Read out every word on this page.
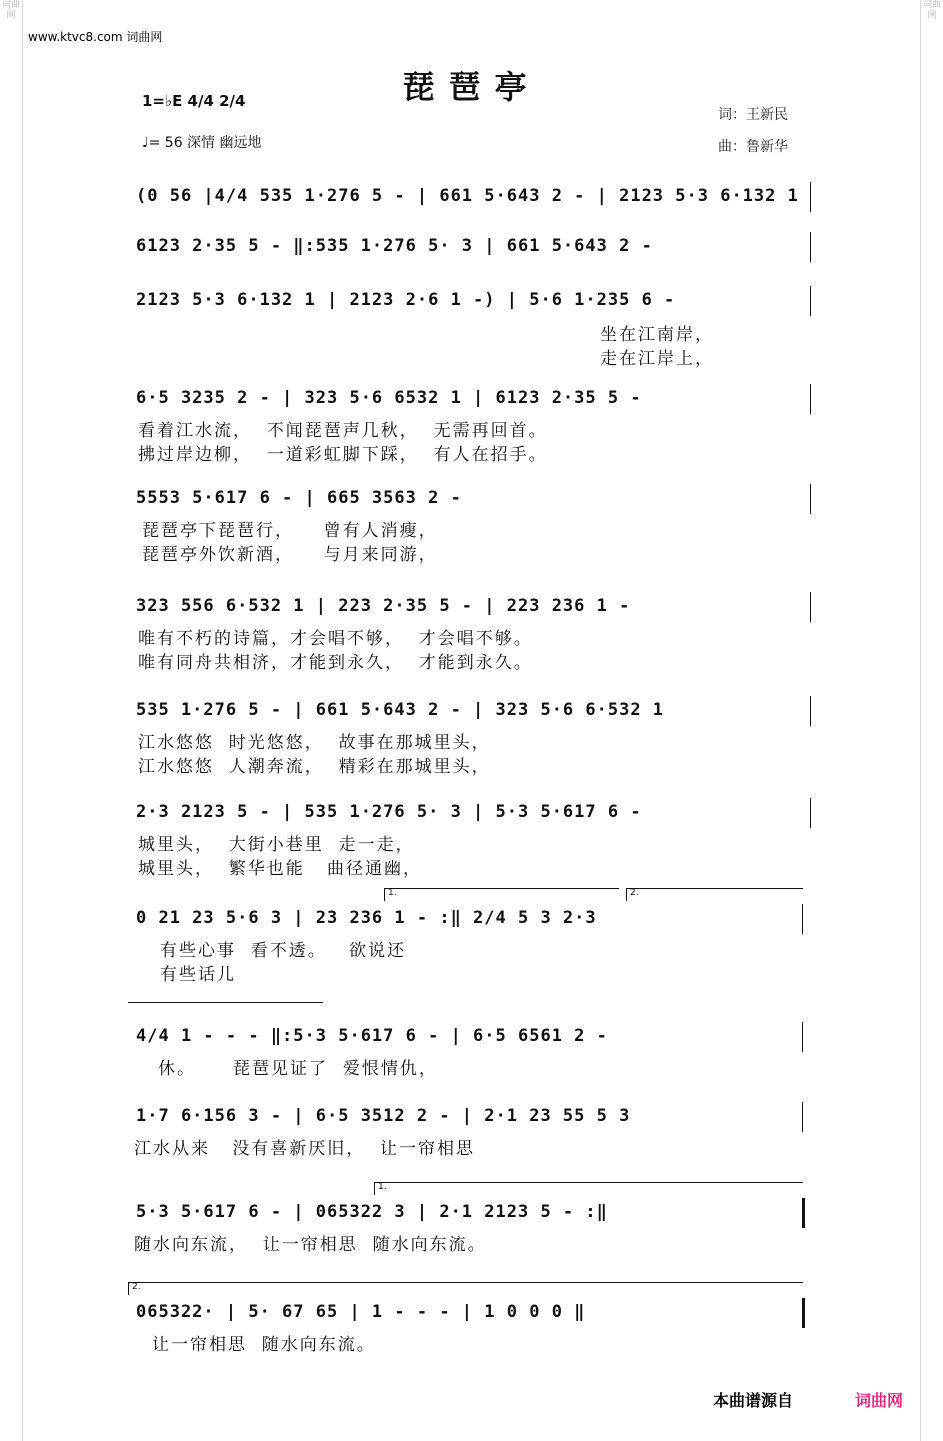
词曲网
词曲网
www.ktvc8.com 词曲网
琵琶亭
词：王新民
曲：鲁新华
1=♭E 4/4 2/4
♩= 56 深情 幽远地
(0 56 |4/4 535 1·276 5 - | 661 5·643 2 - | 2123 5·3 6·132 1
6123 2·35 5 - ‖:535 1·276 5· 3 | 661 5·643 2 -
2123 5·3 6·132 1 | 2123 2·6 1 -) | 5·6 1·235 6 -
坐在江南岸，
走在江岸上，
6·5 3235 2 - | 323 5·6 6532 1 | 6123 2·35 5 -
看着江水流，  不闻琵琶声几秋，  无需再回首。
拂过岸边柳，  一道彩虹脚下踩，  有人在招手。
5553 5·617 6 - | 665 3563 2 -
琵琶亭下琵琶行，    曾有人消瘦，
琵琶亭外饮新酒，    与月来同游，
323 556 6·532 1 | 223 2·35 5 - | 223 236 1 -
唯有不朽的诗篇，才会唱不够，  才会唱不够。
唯有同舟共相济，才能到永久，  才能到永久。
535 1·276 5 - | 661 5·643 2 - | 323 5·6 6·532 1
江水悠悠  时光悠悠，  故事在那城里头，
江水悠悠  人潮奔流，  精彩在那城里头，
2·3 2123 5 - | 535 1·276 5· 3 | 5·3 5·617 6 -
城里头，  大街小巷里  走一走，
城里头，  繁华也能   曲径通幽，
1.	2.
0 21 23 5·6 3 | 23 236 1 - :‖ 2/4 5 3 2·3
有些心事  看不透。   欲说还
有些话儿
4/4 1 - - - ‖:5·3 5·617 6 - | 6·5 6561 2 -
休。     琵琶见证了  爱恨情仇，
1·7 6·156 3 - | 6·5 3512 2 - | 2·1 23 55 5 3
江水从来   没有喜新厌旧，  让一帘相思
1.
5·3 5·617 6 - | 065322 3 | 2·1 2123 5 - :‖
随水向东流，  让一帘相思  随水向东流。
2.
065322· | 5· 67 65 | 1 - - - | 1 0 0 0 ‖
让一帘相思  随水向东流。
本曲谱源自	词曲网
